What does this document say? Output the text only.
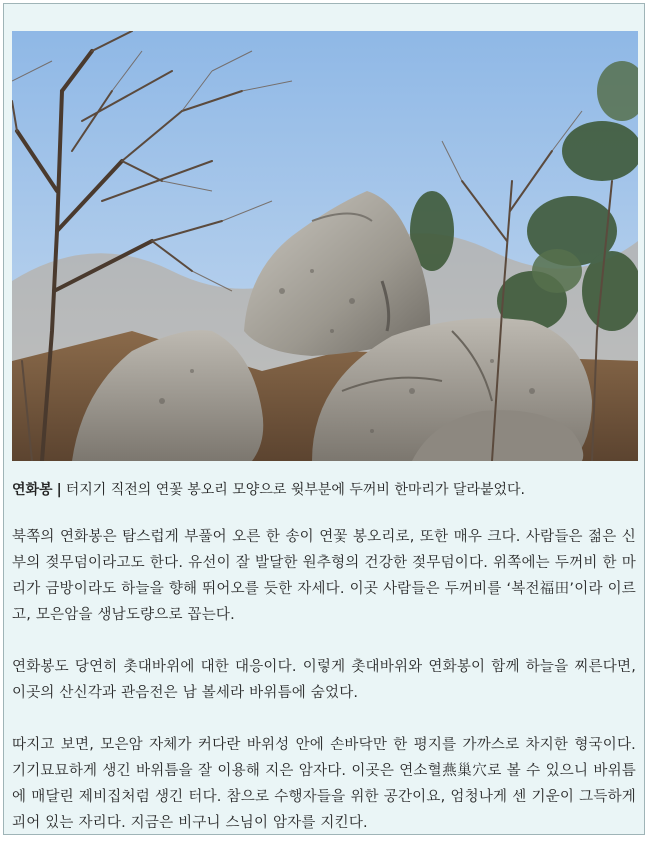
연화봉 | 터지기 직전의 연꽃 봉오리 모양으로 윗부분에 두꺼비 한마리가 달라붙었다.

북쪽의 연화봉은 탐스럽게 부풀어 오른 한 송이 연꽃 봉오리로, 또한 매우 크다. 사람들은 젊은 신부의 젖무덤이라고도 한다. 유선이 잘 발달한 원추형의 건강한 젖무덤이다. 위쪽에는 두꺼비 한 마리가 금방이라도 하늘을 향해 뛰어오를 듯한 자세다. 이곳 사람들은 두꺼비를 ‘복전福田’이라 이르고, 모은암을 생남도량으로 꼽는다.

연화봉도 당연히 촛대바위에 대한 대응이다. 이렇게 촛대바위와 연화봉이 함께 하늘을 찌른다면, 이곳의 산신각과 관음전은 남 볼세라 바위틈에 숨었다.

따지고 보면, 모은암 자체가 커다란 바위성 안에 손바닥만 한 평지를 가까스로 차지한 형국이다. 기기묘묘하게 생긴 바위틈을 잘 이용해 지은 암자다. 이곳은 연소혈燕巢穴로 볼 수 있으니 바위틈에 매달린 제비집처럼 생긴 터다. 참으로 수행자들을 위한 공간이요, 엄청나게 센 기운이 그득하게 괴어 있는 자리다. 지금은 비구니 스님이 암자를 지킨다.
